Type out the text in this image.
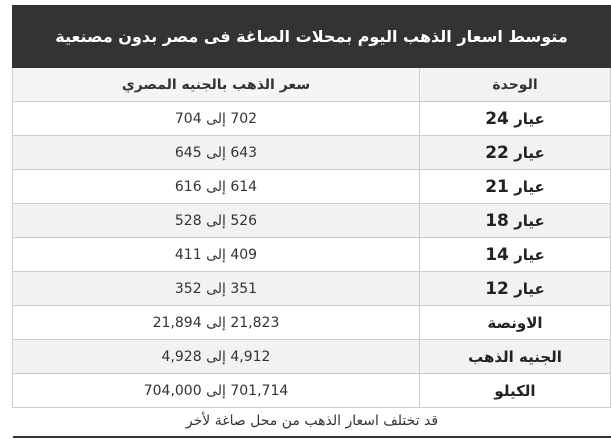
متوسط اسعار الذهب اليوم بمحلات الصاغة فى مصر بدون مصنعية	
الوحدة	سعر الذهب بالجنيه المصري
عيار 24	702 إلى 704
عيار 22	643 إلى 645
عيار 21	614 إلى 616
عيار 18	526 إلى 528
عيار 14	409 إلى 411
عيار 12	351 إلى 352
الاونصة	21,823 إلى 21,894
الجنيه الذهب	4,912 إلى 4,928
الكيلو	701,714 إلى 704,000
قد تختلف اسعار الذهب من محل صاغة لأخر
